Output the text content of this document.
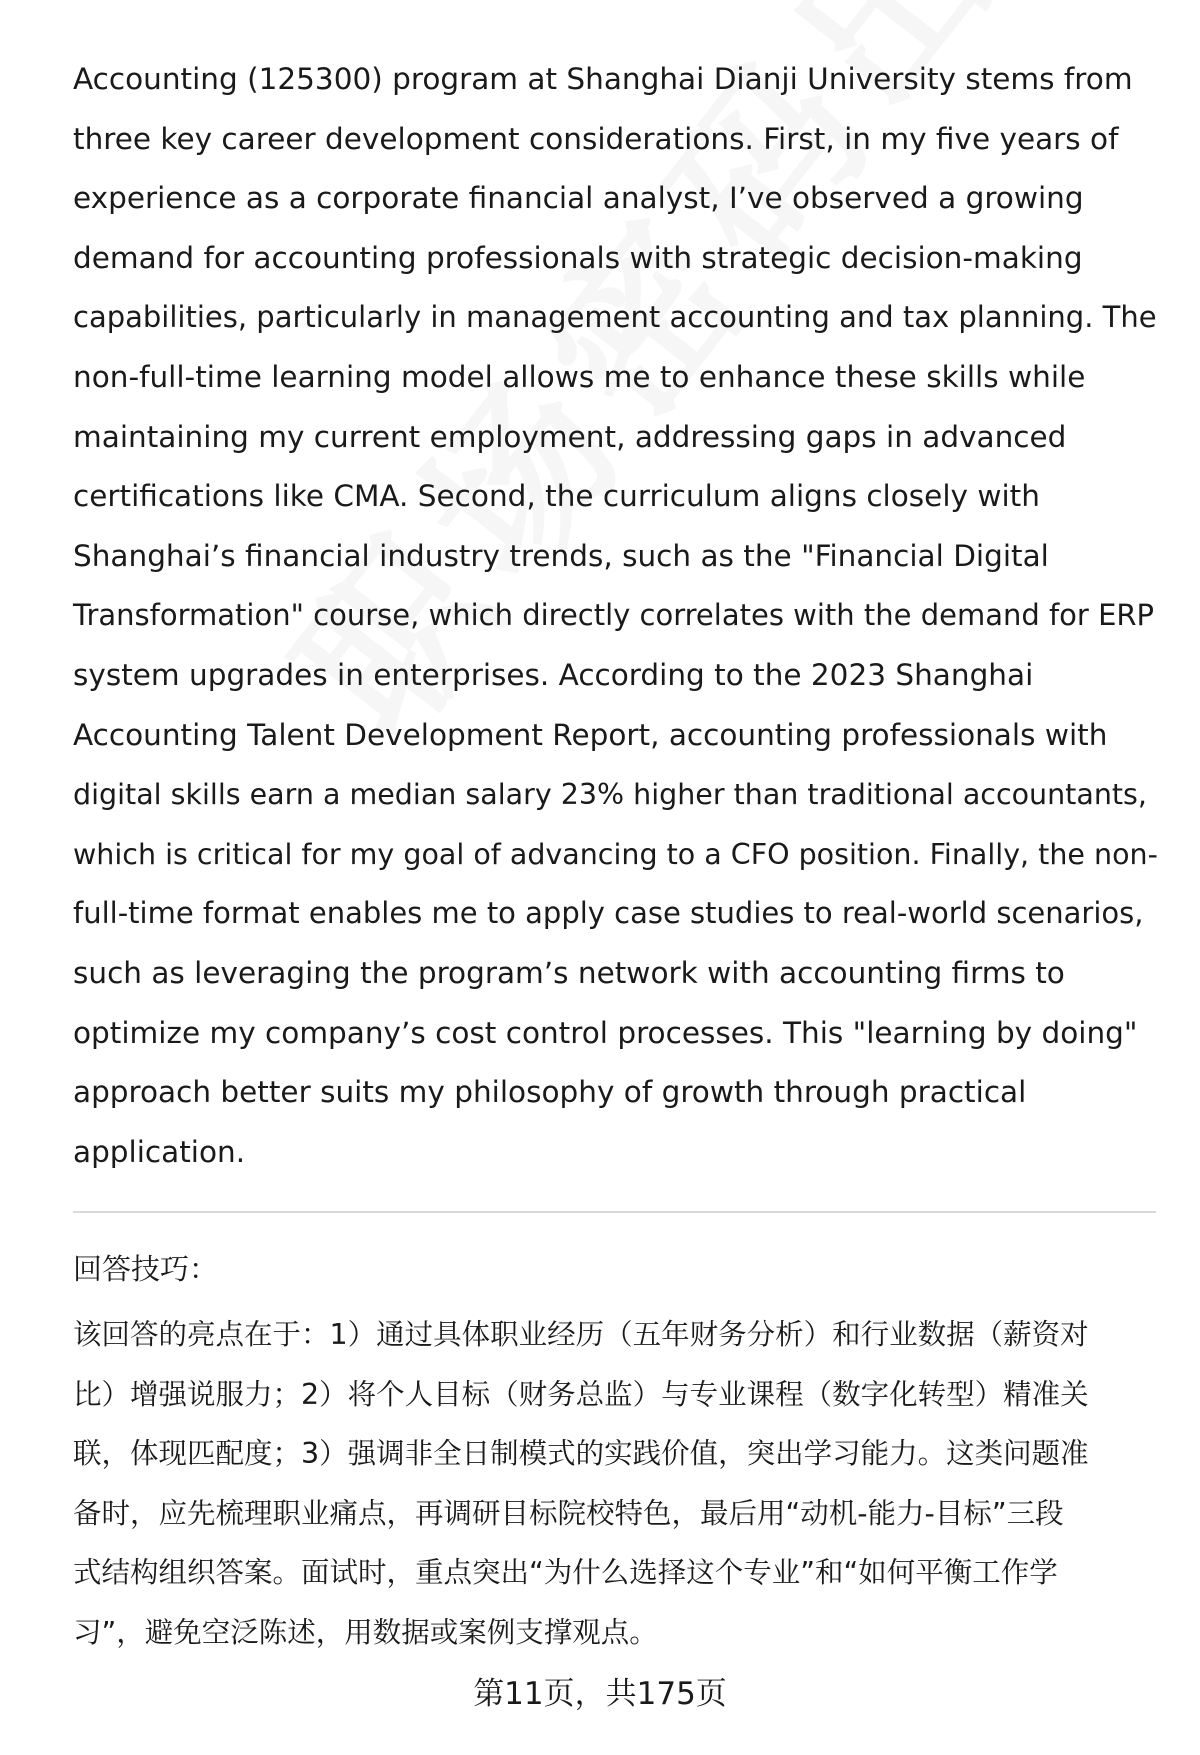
Accounting (125300) program at Shanghai Dianji University stems from
three key career development considerations. First, in my five years of
experience as a corporate financial analyst, I’ve observed a growing
demand for accounting professionals with strategic decision-making
capabilities, particularly in management accounting and tax planning. The
non-full-time learning model allows me to enhance these skills while
maintaining my current employment, addressing gaps in advanced
certifications like CMA. Second, the curriculum aligns closely with
Shanghai’s financial industry trends, such as the "Financial Digital
Transformation" course, which directly correlates with the demand for ERP
system upgrades in enterprises. According to the 2023 Shanghai
Accounting Talent Development Report, accounting professionals with
digital skills earn a median salary 23% higher than traditional accountants,
which is critical for my goal of advancing to a CFO position. Finally, the non-
full-time format enables me to apply case studies to real-world scenarios,
such as leveraging the program’s network with accounting firms to
optimize my company’s cost control processes. This "learning by doing"
approach better suits my philosophy of growth through practical
application.

回答技巧：
该回答的亮点在于：1）通过具体职业经历（五年财务分析）和行业数据（薪资对
比）增强说服力；2）将个人目标（财务总监）与专业课程（数字化转型）精准关
联，体现匹配度；3）强调非全日制模式的实践价值，突出学习能力。这类问题准
备时，应先梳理职业痛点，再调研目标院校特色，最后用“动机-能力-目标”三段
式结构组织答案。面试时，重点突出“为什么选择这个专业”和“如何平衡工作学
习”，避免空泛陈述，用数据或案例支撑观点。
第11页，共175页
